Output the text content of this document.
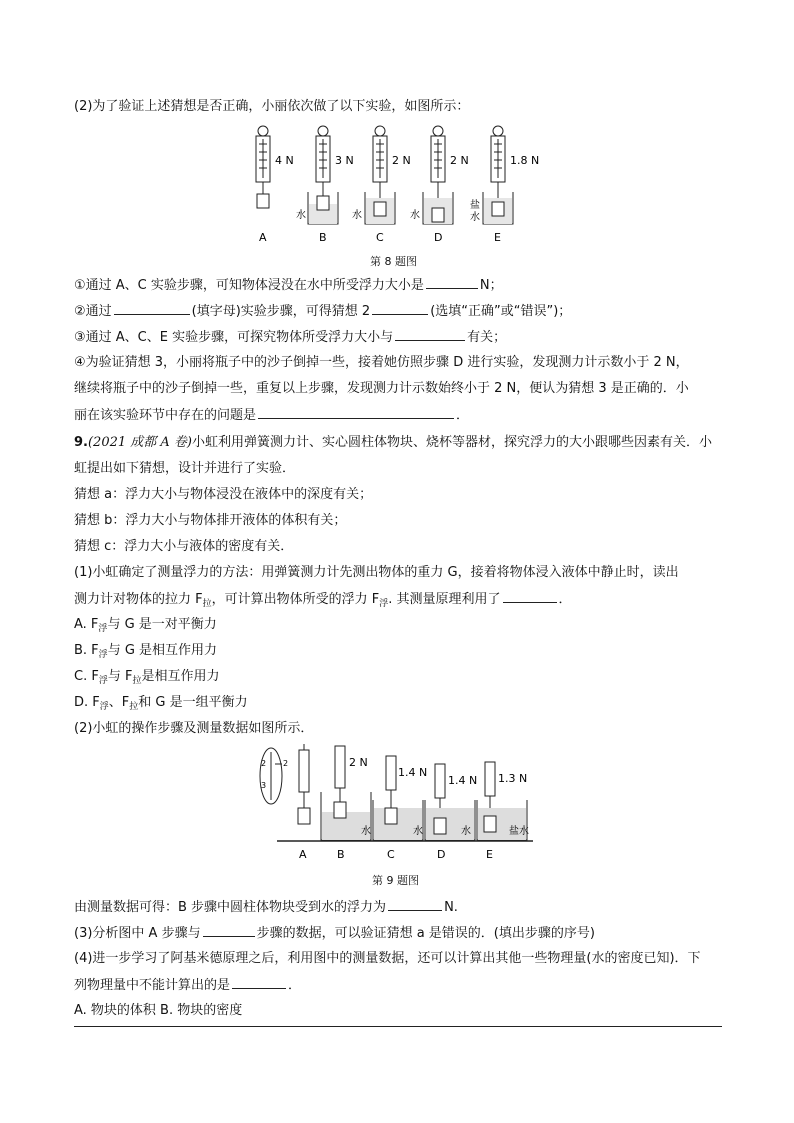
(2)为了验证上述猜想是否正确，小丽依次做了以下实验，如图所示：
4 N	3 N	2 N	2 N	1.8 N
水	水	水
盐
水
A	B	C	D	E
第 8 题图
①通过 A、C 实验步骤，可知物体浸没在水中所受浮力大小是	N；
②通过	(填字母)实验步骤，可得猜想 2	(选填“正确”或“错误”)；
③通过 A、C、E 实验步骤，可探究物体所受浮力大小与	有关；
④为验证猜想 3，小丽将瓶子中的沙子倒掉一些，接着她仿照步骤 D 进行实验，发现测力计示数小于 2 N，
继续将瓶子中的沙子倒掉一些，重复以上步骤，发现测力计示数始终小于 2 N，便认为猜想 3 是正确的．小
丽在该实验环节中存在的问题是	．
9.(2021 成都 A 卷)小虹利用弹簧测力计、实心圆柱体物块、烧杯等器材，探究浮力的大小跟哪些因素有关．小
虹提出如下猜想，设计并进行了实验．
猜想 a：浮力大小与物体浸没在液体中的深度有关；
猜想 b：浮力大小与物体排开液体的体积有关；
猜想 c：浮力大小与液体的密度有关．
(1)小虹确定了测量浮力的方法：用弹簧测力计先测出物体的重力 G，接着将物体浸入液体中静止时，读出
测力计对物体的拉力 $F_拉$，可计算出物体所受的浮力 $F_浮$. 其测量原理利用了	．
A. $F_浮$与 G 是一对平衡力
B. $F_浮$与 G 是相互作用力
C. $F_浮$与 $F_拉$是相互作用力
D. $F_浮$、$F_拉$和 G 是一组平衡力
(2)小虹的操作步骤及测量数据如图所示．
2 2
3
2 N
1.4 N
1.4 N 1.3 N
水	水	水	盐水
A	B	C	D	E
第 9 题图
由测量数据可得：B 步骤中圆柱体物块受到水的浮力为	N.
(3)分析图中 A 步骤与	步骤的数据，可以验证猜想 a 是错误的．(填出步骤的序号)
(4)进一步学习了阿基米德原理之后，利用图中的测量数据，还可以计算出其他一些物理量(水的密度已知)．下
列物理量中不能计算出的是	．
A. 物块的体积 B. 物块的密度
